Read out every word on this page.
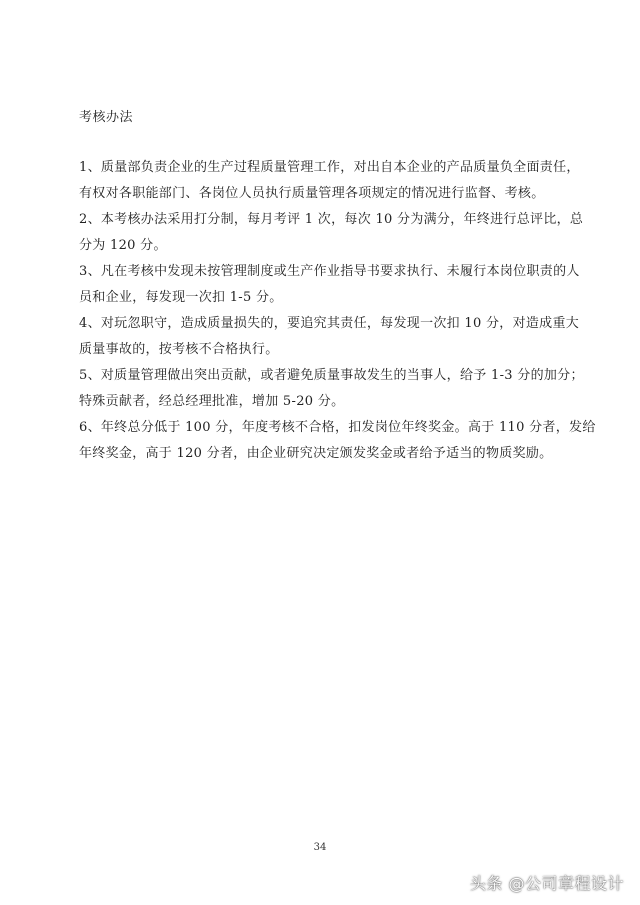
考核办法
1、质量部负责企业的生产过程质量管理工作，对出自本企业的产品质量负全面责任，
有权对各职能部门、各岗位人员执行质量管理各项规定的情况进行监督、考核。
2、本考核办法采用打分制，每月考评 1 次，每次 10 分为满分，年终进行总评比，总
分为 120 分。
3、凡在考核中发现未按管理制度或生产作业指导书要求执行、未履行本岗位职责的人
员和企业，每发现一次扣 1-5 分。
4、对玩忽职守，造成质量损失的，要追究其责任，每发现一次扣 10 分，对造成重大
质量事故的，按考核不合格执行。
5、对质量管理做出突出贡献，或者避免质量事故发生的当事人，给予 1-3 分的加分；
特殊贡献者，经总经理批准，增加 5-20 分。
6、年终总分低于 100 分，年度考核不合格，扣发岗位年终奖金。高于 110 分者，发给
年终奖金，高于 120 分者，由企业研究决定颁发奖金或者给予适当的物质奖励。
34
头条 @公司章程设计
